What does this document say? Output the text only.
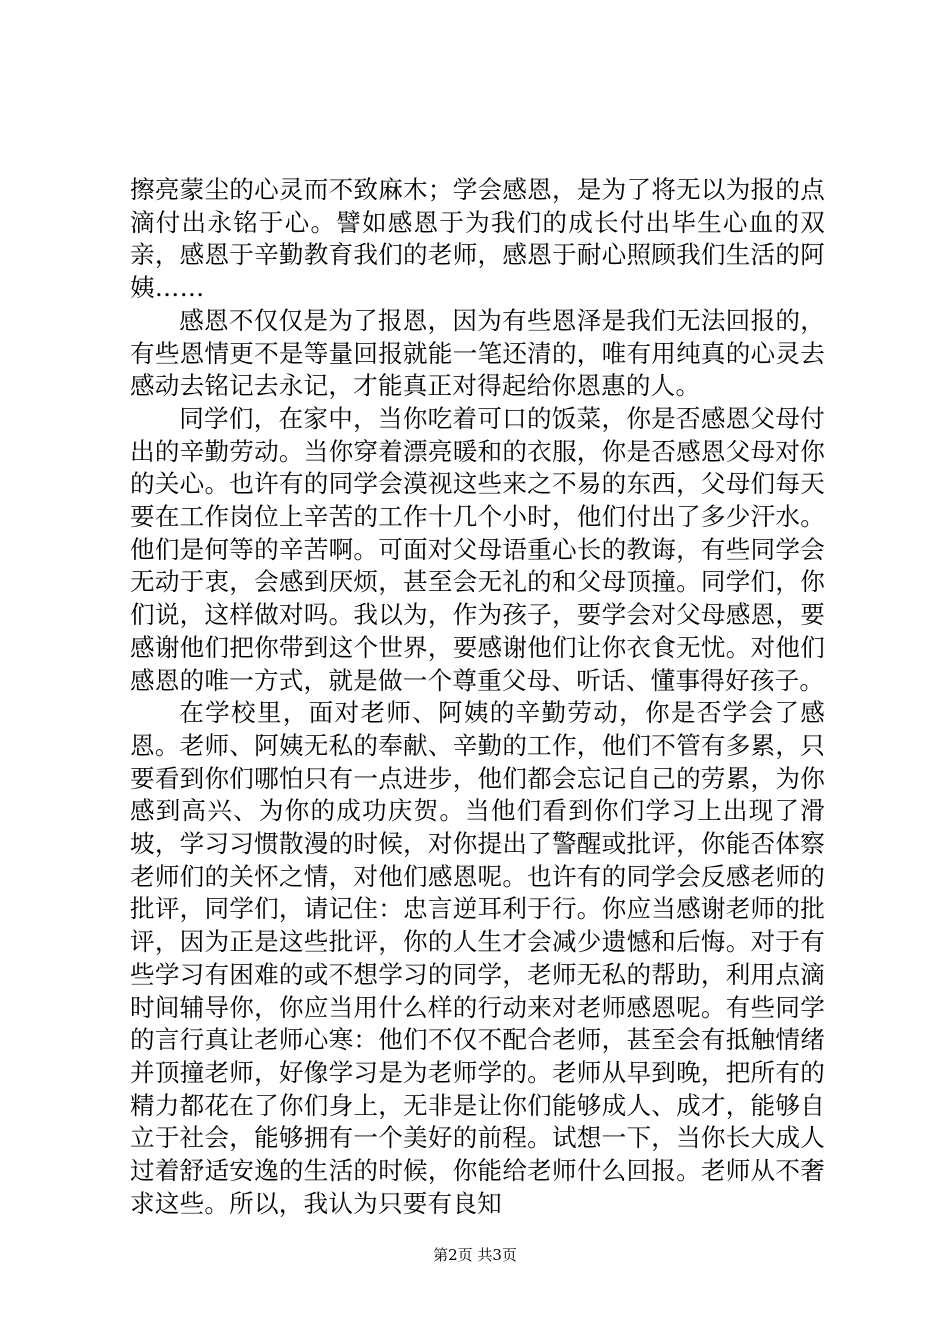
擦亮蒙尘的心灵而不致麻木；学会感恩，是为了将无以为报的点滴付出永铭于心。譬如感恩于为我们的成长付出毕生心血的双亲，感恩于辛勤教育我们的老师，感恩于耐心照顾我们生活的阿姨……

感恩不仅仅是为了报恩，因为有些恩泽是我们无法回报的，有些恩情更不是等量回报就能一笔还清的，唯有用纯真的心灵去感动去铭记去永记，才能真正对得起给你恩惠的人。

同学们，在家中，当你吃着可口的饭菜，你是否感恩父母付出的辛勤劳动。当你穿着漂亮暖和的衣服，你是否感恩父母对你的关心。也许有的同学会漠视这些来之不易的东西，父母们每天要在工作岗位上辛苦的工作十几个小时，他们付出了多少汗水。他们是何等的辛苦啊。可面对父母语重心长的教诲，有些同学会无动于衷，会感到厌烦，甚至会无礼的和父母顶撞。同学们，你们说，这样做对吗。我以为，作为孩子，要学会对父母感恩，要感谢他们把你带到这个世界，要感谢他们让你衣食无忧。对他们感恩的唯一方式，就是做一个尊重父母、听话、懂事得好孩子。

在学校里，面对老师、阿姨的辛勤劳动，你是否学会了感恩。老师、阿姨无私的奉献、辛勤的工作，他们不管有多累，只要看到你们哪怕只有一点进步，他们都会忘记自己的劳累，为你感到高兴、为你的成功庆贺。当他们看到你们学习上出现了滑坡，学习习惯散漫的时候，对你提出了警醒或批评，你能否体察老师们的关怀之情，对他们感恩呢。也许有的同学会反感老师的批评，同学们，请记住：忠言逆耳利于行。你应当感谢老师的批评，因为正是这些批评，你的人生才会减少遗憾和后悔。对于有些学习有困难的或不想学习的同学，老师无私的帮助，利用点滴时间辅导你，你应当用什么样的行动来对老师感恩呢。有些同学的言行真让老师心寒：他们不仅不配合老师，甚至会有抵触情绪并顶撞老师，好像学习是为老师学的。老师从早到晚，把所有的精力都花在了你们身上，无非是让你们能够成人、成才，能够自立于社会，能够拥有一个美好的前程。试想一下，当你长大成人过着舒适安逸的生活的时候，你能给老师什么回报。老师从不奢求这些。所以，我认为只要有良知

第2页 共3页
